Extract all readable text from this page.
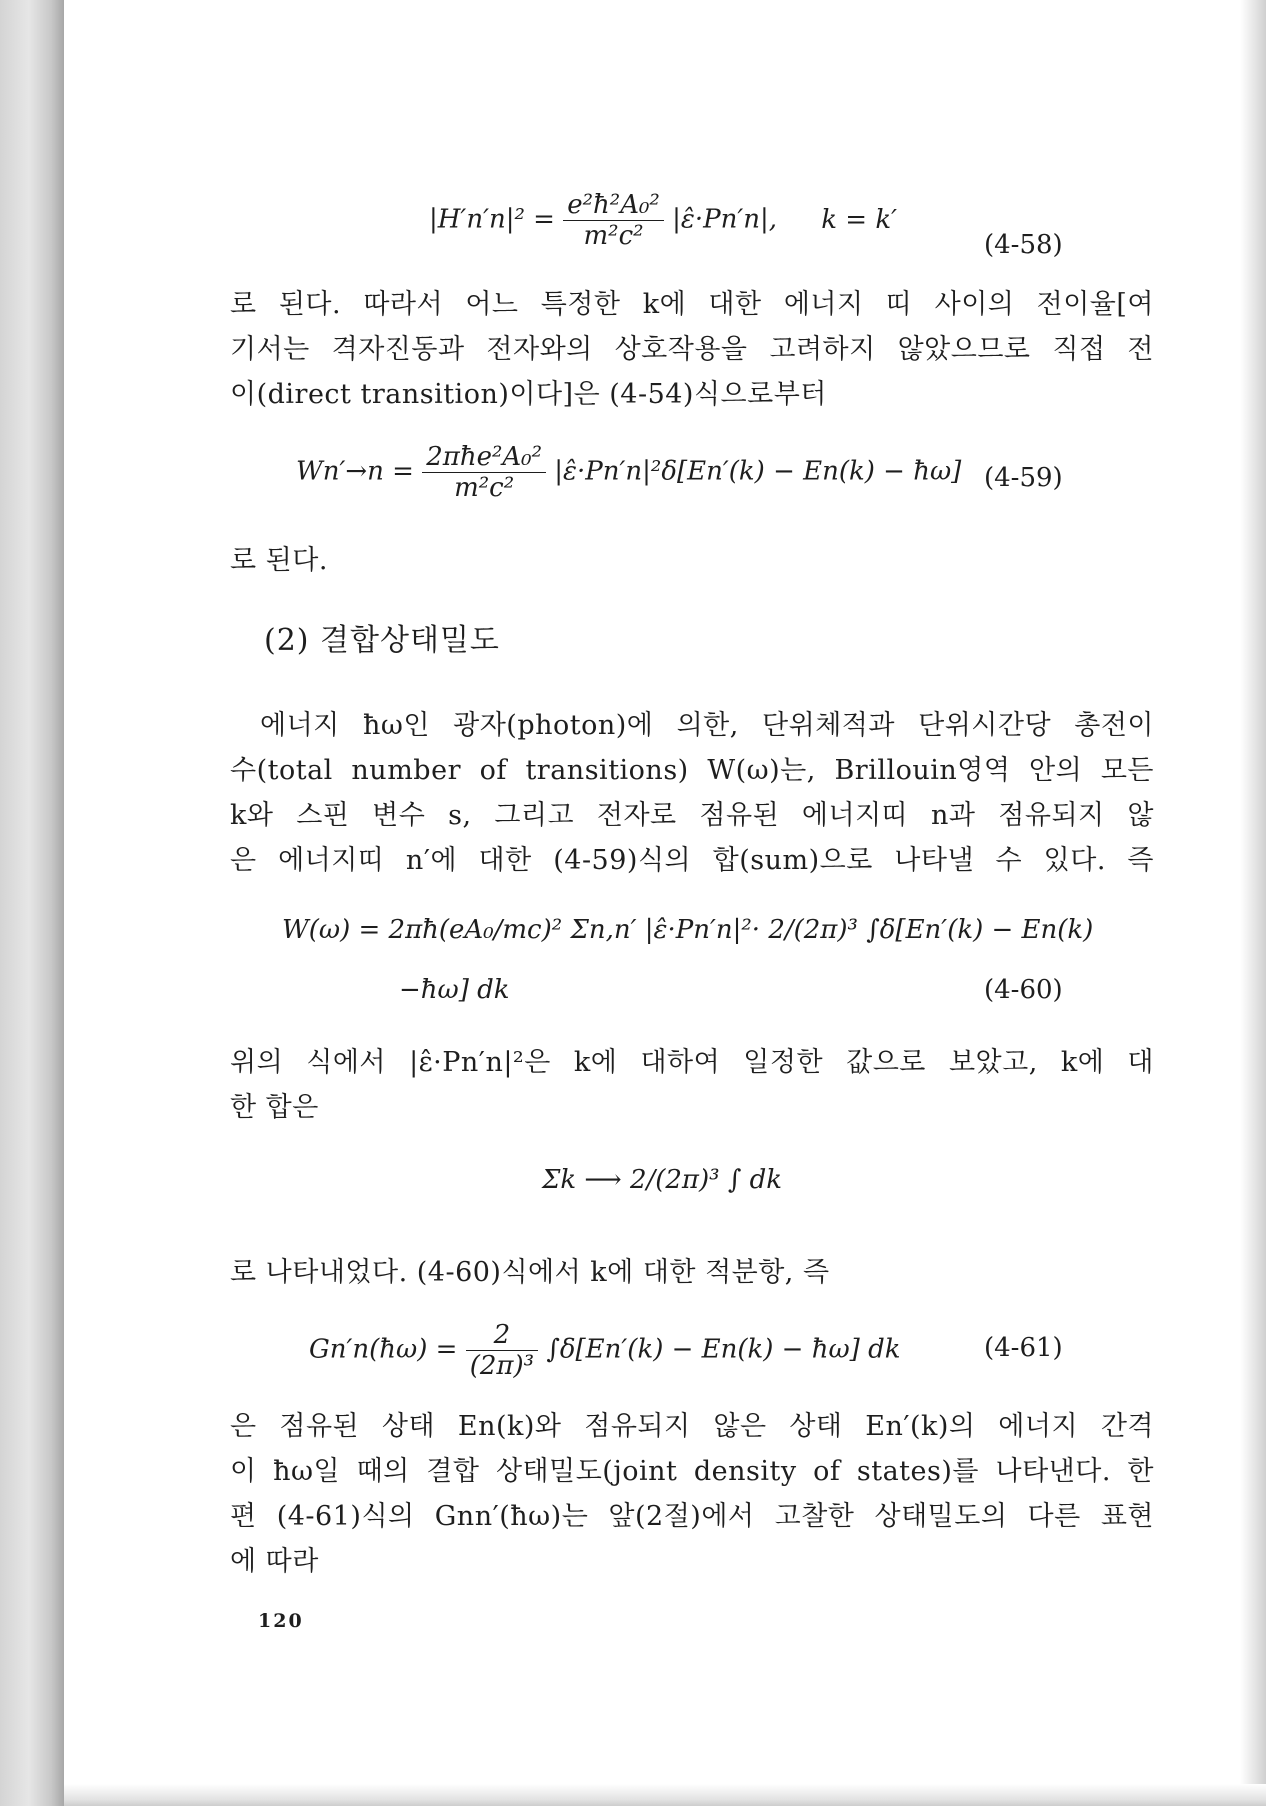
$|H'n'n|^2 = \frac{\text{e²ħ²A₀²}}{\text{m²c²}}$ |ε̂·Pn′n|, k = k′
(4-58)
로 된다. 따라서 어느 특정한 k에 대한 에너지 띠 사이의 전이율[여
기서는 격자진동과 전자와의 상호작용을 고려하지 않았으므로 직접 전
이(direct transition)이다]은 (4-54)식으로부터
$Wn'\to n = \frac{\text{2πħe²A₀²}}{\text{m²c²}}$ |ε̂·Pn′n|²δ[En′(k) − En(k) − ħω] (4-59)
로 된다.
(2) 결합상태밀도
에너지 ħω인 광자(photon)에 의한, 단위체적과 단위시간당 총전이
수(total number of transitions) W(ω)는, Brillouin영역 안의 모든
k와 스핀 변수 s, 그리고 전자로 점유된 에너지띠 n과 점유되지 않
은 에너지띠 n′에 대한 (4-59)식의 합(sum)으로 나타낼 수 있다. 즉
W(ω) = 2πħ(eA₀/mc)² Σn,n′ |ε̂·Pn′n|²· 2/(2π)³ ∫δ[En′(k) − En(k)
−ħω] dk	(4-60)
위의 식에서 |ε̂·Pn′n|²은 k에 대하여 일정한 값으로 보았고, k에 대
한 합은
Σk ⟶ 2/(2π)³ ∫ dk
로 나타내었다. (4-60)식에서 k에 대한 적분항, 즉
Gn′n(ħω) = $\frac{2}{\text{(2π)³}} \int\delta[En'(k) - En(k)$ − ħω] dk	(4-61)
은 점유된 상태 En(k)와 점유되지 않은 상태 En′(k)의 에너지 간격
이 ħω일 때의 결합 상태밀도(joint density of states)를 나타낸다. 한
편 (4-61)식의 Gnn′(ħω)는 앞(2절)에서 고찰한 상태밀도의 다른 표현
에 따라
120
